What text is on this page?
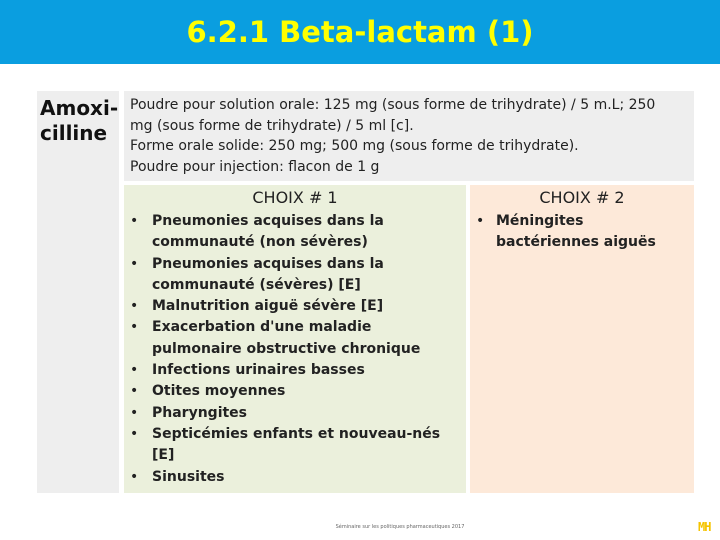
6.2.1 Beta-lactam (1)
Amoxi-cilline
Poudre pour solution orale: 125 mg (sous forme de trihydrate) / 5 m.L; 250
mg (sous forme de trihydrate) / 5 ml [c].
Forme orale solide: 250 mg; 500 mg (sous forme de trihydrate).
Poudre pour injection: flacon de 1 g
CHOIX # 1	CHOIX # 2
• Pneumonies acquises dans la communauté (non sévères)
• Pneumonies acquises dans la communauté (sévères) [E]
• Malnutrition aiguë sévère [E]
• Exacerbation d'une maladie pulmonaire obstructive chronique
• Infections urinaires basses
• Otites moyennes
• Pharyngites
• Septicémies enfants et nouveau-nés [E]
• Sinusites
• Méningites bactériennes aiguës
Séminaire sur les politiques pharmaceutiques 2017	MH
